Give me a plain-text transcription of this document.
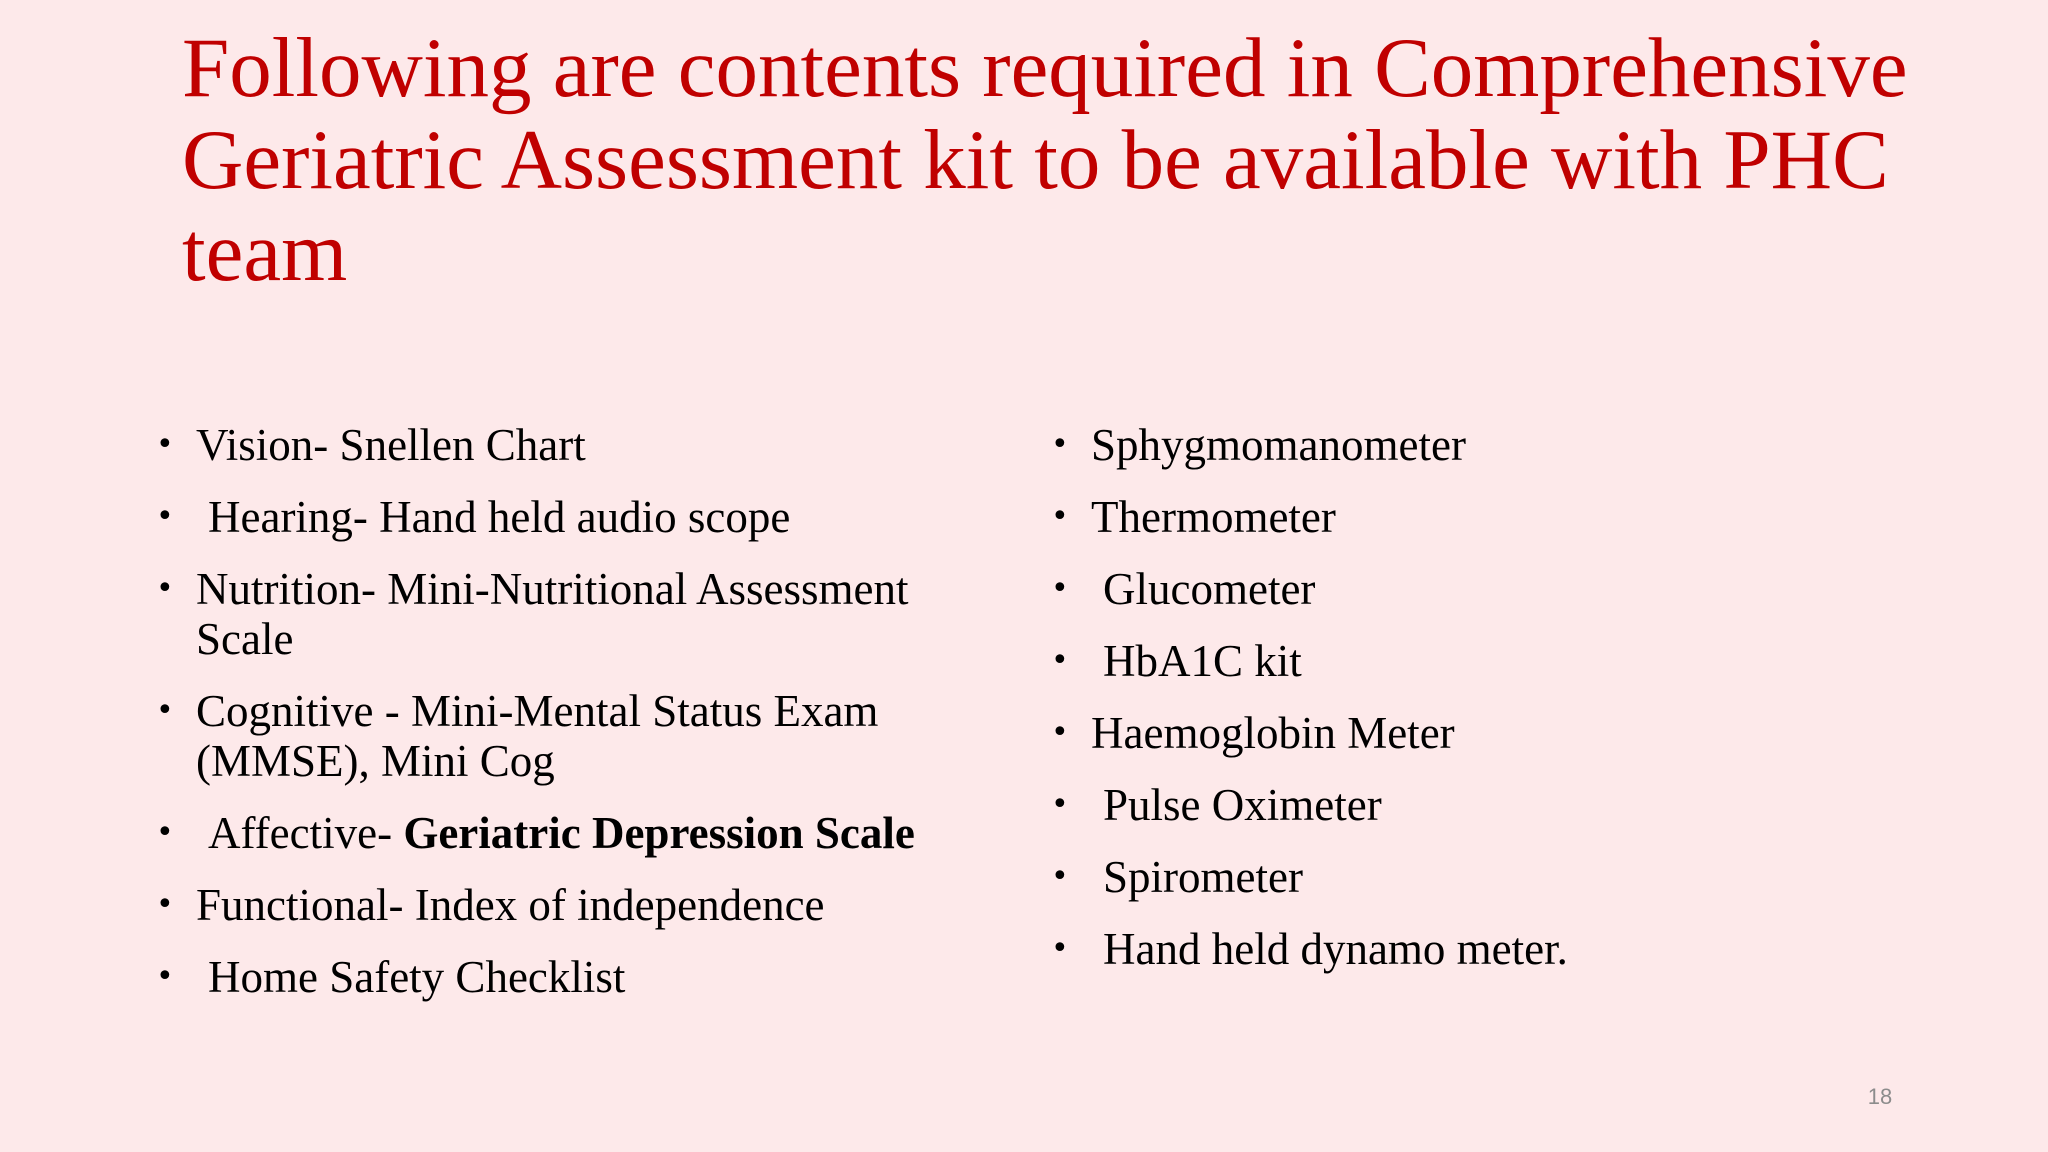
Following are contents required in Comprehensive Geriatric Assessment kit to be available with PHC team
• Vision- Snellen Chart
• Hearing- Hand held audio scope
• Nutrition- Mini-Nutritional Assessment Scale
• Cognitive - Mini-Mental Status Exam (MMSE), Mini Cog
• Affective- Geriatric Depression Scale
• Functional- Index of independence
• Home Safety Checklist
• Sphygmomanometer
• Thermometer
• Glucometer
• HbA1C kit
• Haemoglobin Meter
• Pulse Oximeter
• Spirometer
• Hand held dynamo meter.
18
